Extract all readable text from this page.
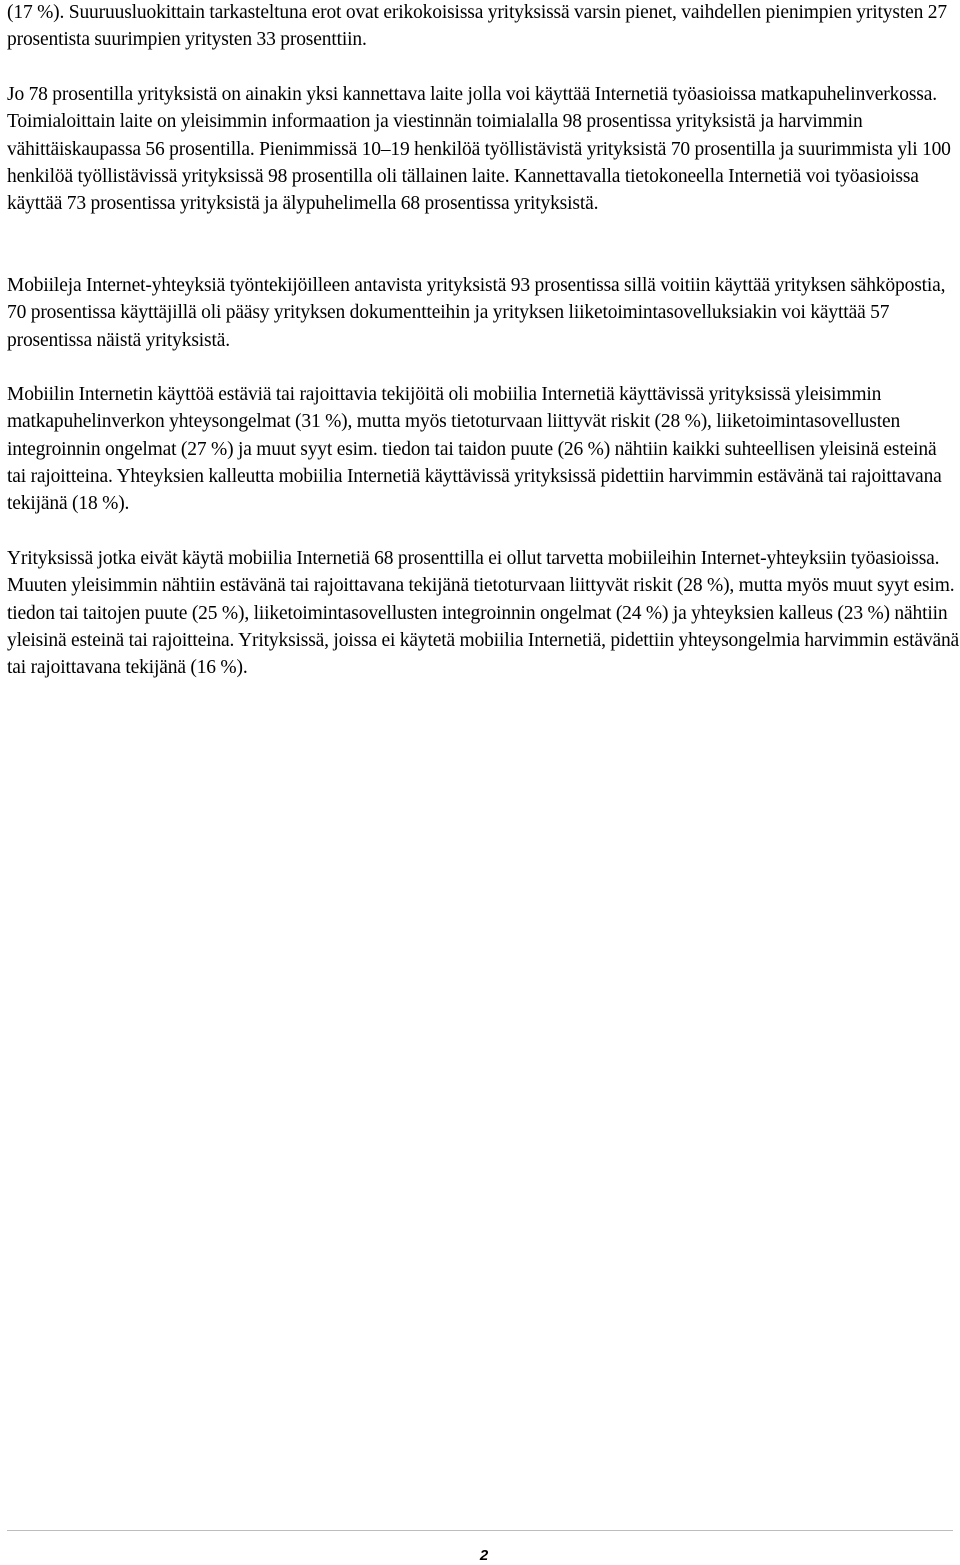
(17 %). Suuruusluokittain tarkasteltuna erot ovat erikokoisissa yrityksissä varsin pienet, vaihdellen pienimpien yritysten 27 prosentista suurimpien yritysten 33 prosenttiin.

Jo 78 prosentilla yrityksistä on ainakin yksi kannettava laite jolla voi käyttää Internetiä työasioissa matkapuhelinverkossa. Toimialoittain laite on yleisimmin informaation ja viestinnän toimialalla 98 prosentissa yrityksistä ja harvimmin vähittäiskaupassa 56 prosentilla. Pienimmissä 10–19 henkilöä työllistävistä yrityksistä 70 prosentilla ja suurimmista yli 100 henkilöä työllistävissä yrityksissä 98 prosentilla oli tällainen laite. Kannettavalla tietokoneella Internetiä voi työasioissa käyttää 73 prosentissa yrityksistä ja älypuhelimella 68 prosentissa yrityksistä.

Mobiileja Internet-yhteyksiä työntekijöilleen antavista yrityksistä 93 prosentissa sillä voitiin käyttää yrityksen sähköpostia, 70 prosentissa käyttäjillä oli pääsy yrityksen dokumentteihin ja yrityksen liiketoimintasovelluksiakin voi käyttää 57 prosentissa näistä yrityksistä.

Mobiilin Internetin käyttöä estäviä tai rajoittavia tekijöitä oli mobiilia Internetiä käyttävissä yrityksissä yleisimmin matkapuhelinverkon yhteysongelmat (31 %), mutta myös tietoturvaan liittyvät riskit (28 %), liiketoimintasovellusten integroinnin ongelmat (27 %) ja muut syyt esim. tiedon tai taidon puute (26 %) nähtiin kaikki suhteellisen yleisinä esteinä tai rajoitteina. Yhteyksien kalleutta mobiilia Internetiä käyttävissä yrityksissä pidettiin harvimmin estävänä tai rajoittavana tekijänä (18 %).

Yrityksissä jotka eivät käytä mobiilia Internetiä 68 prosenttilla ei ollut tarvetta mobiileihin Internet-yhteyksiin työasioissa. Muuten yleisimmin nähtiin estävänä tai rajoittavana tekijänä tietoturvaan liittyvät riskit (28 %), mutta myös muut syyt esim. tiedon tai taitojen puute (25 %), liiketoimintasovellusten integroinnin ongelmat (24 %) ja yhteyksien kalleus (23 %) nähtiin yleisinä esteinä tai rajoitteina. Yrityksissä, joissa ei käytetä mobiilia Internetiä, pidettiin yhteysongelmia harvimmin estävänä tai rajoittavana tekijänä (16 %).

2
